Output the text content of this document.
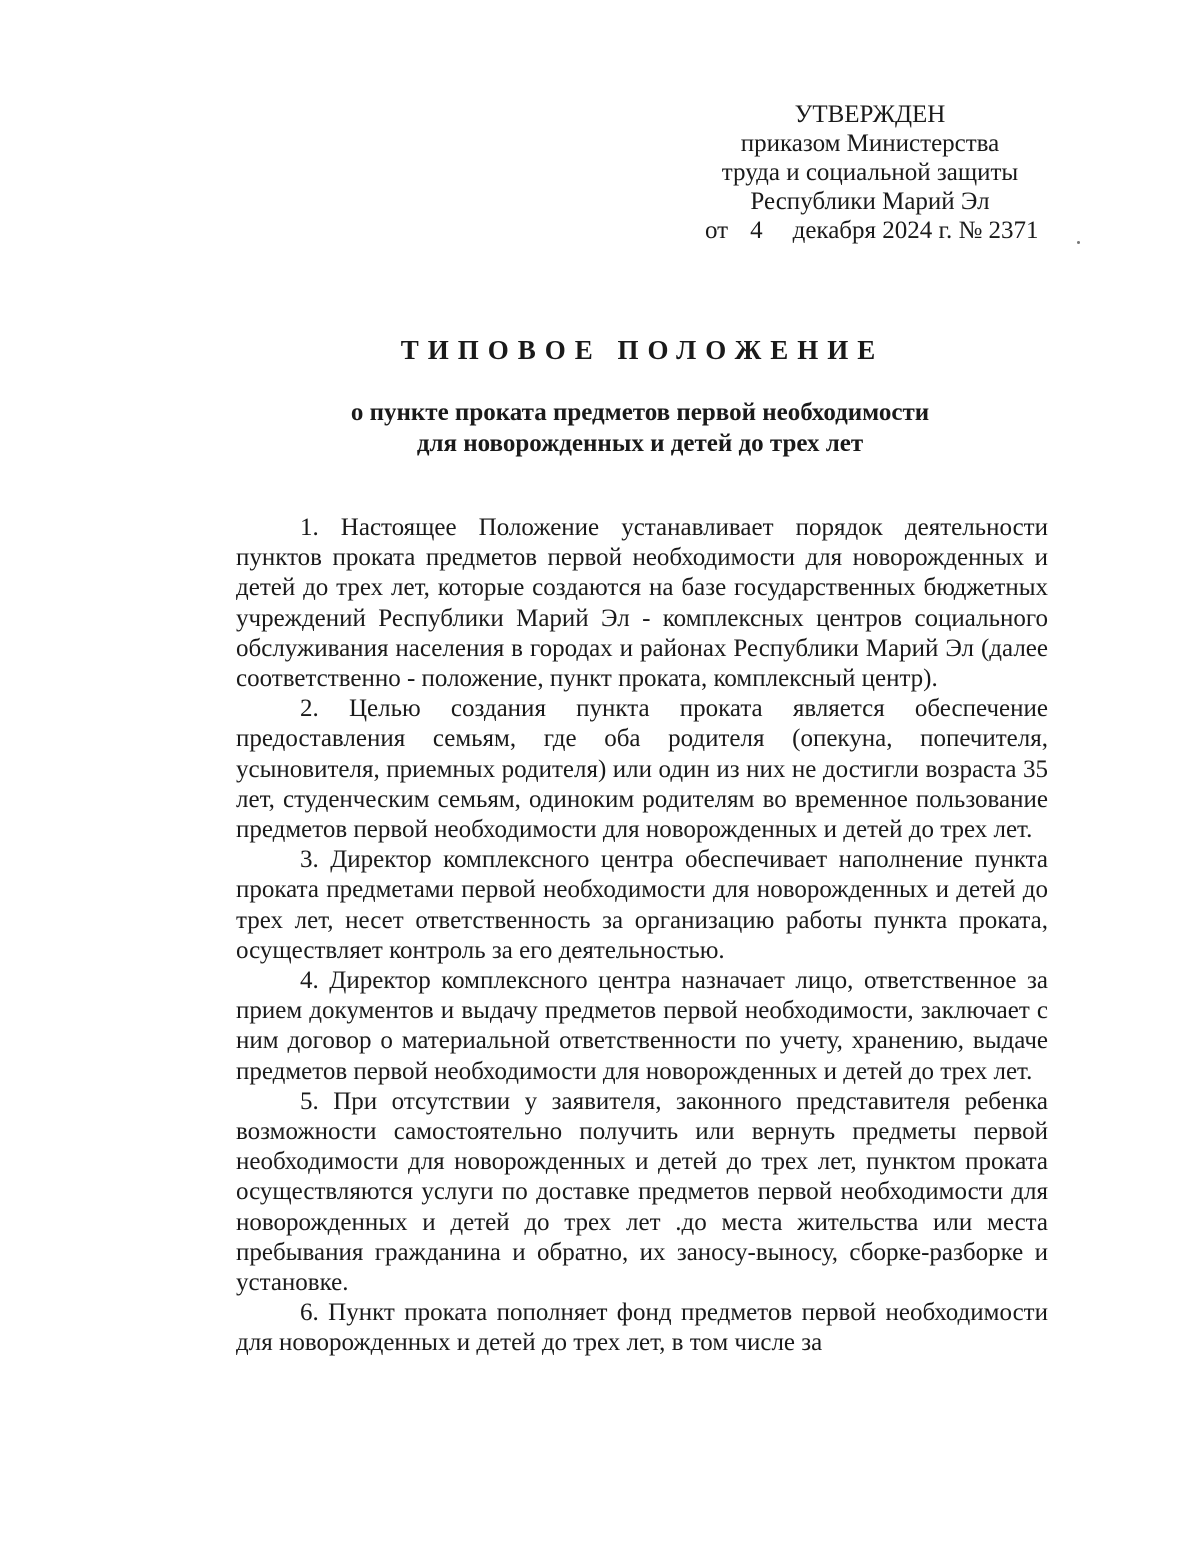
УТВЕРЖДЕН
приказом Министерства
труда и социальной защиты
Республики Марий Эл
от 4 декабря 2024 г. № 2371
ТИПОВОЕ ПОЛОЖЕНИЕ
о пункте проката предметов первой необходимости
для новорожденных и детей до трех лет

1. Настоящее Положение устанавливает порядок деятельности пунктов проката предметов первой необходимости для новорожденных и детей до трех лет, которые создаются на базе государственных бюджетных учреждений Республики Марий Эл - комплексных центров социального обслуживания населения в городах и районах Республики Марий Эл (далее соответственно - положение, пункт проката, комплексный центр).

2. Целью создания пункта проката является обеспечение предоставления семьям, где оба родителя (опекуна, попечителя, усыновителя, приемных родителя) или один из них не достигли возраста 35 лет, студенческим семьям, одиноким родителям во временное пользование предметов первой необходимости для новорожденных и детей до трех лет.

3. Директор комплексного центра обеспечивает наполнение пункта проката предметами первой необходимости для новорожденных и детей до трех лет, несет ответственность за организацию работы пункта проката, осуществляет контроль за его деятельностью.

4. Директор комплексного центра назначает лицо, ответственное за прием документов и выдачу предметов первой необходимости, заключает с ним договор о материальной ответственности по учету, хранению, выдаче предметов первой необходимости для новорожденных и детей до трех лет.

5. При отсутствии у заявителя, законного представителя ребенка возможности самостоятельно получить или вернуть предметы первой необходимости для новорожденных и детей до трех лет, пунктом проката осуществляются услуги по доставке предметов первой необходимости для новорожденных и детей до трех лет .до места жительства или места пребывания гражданина и обратно, их заносу-выносу, сборке-разборке и установке.

6. Пункт проката пополняет фонд предметов первой необходимости для новорожденных и детей до трех лет, в том числе за
